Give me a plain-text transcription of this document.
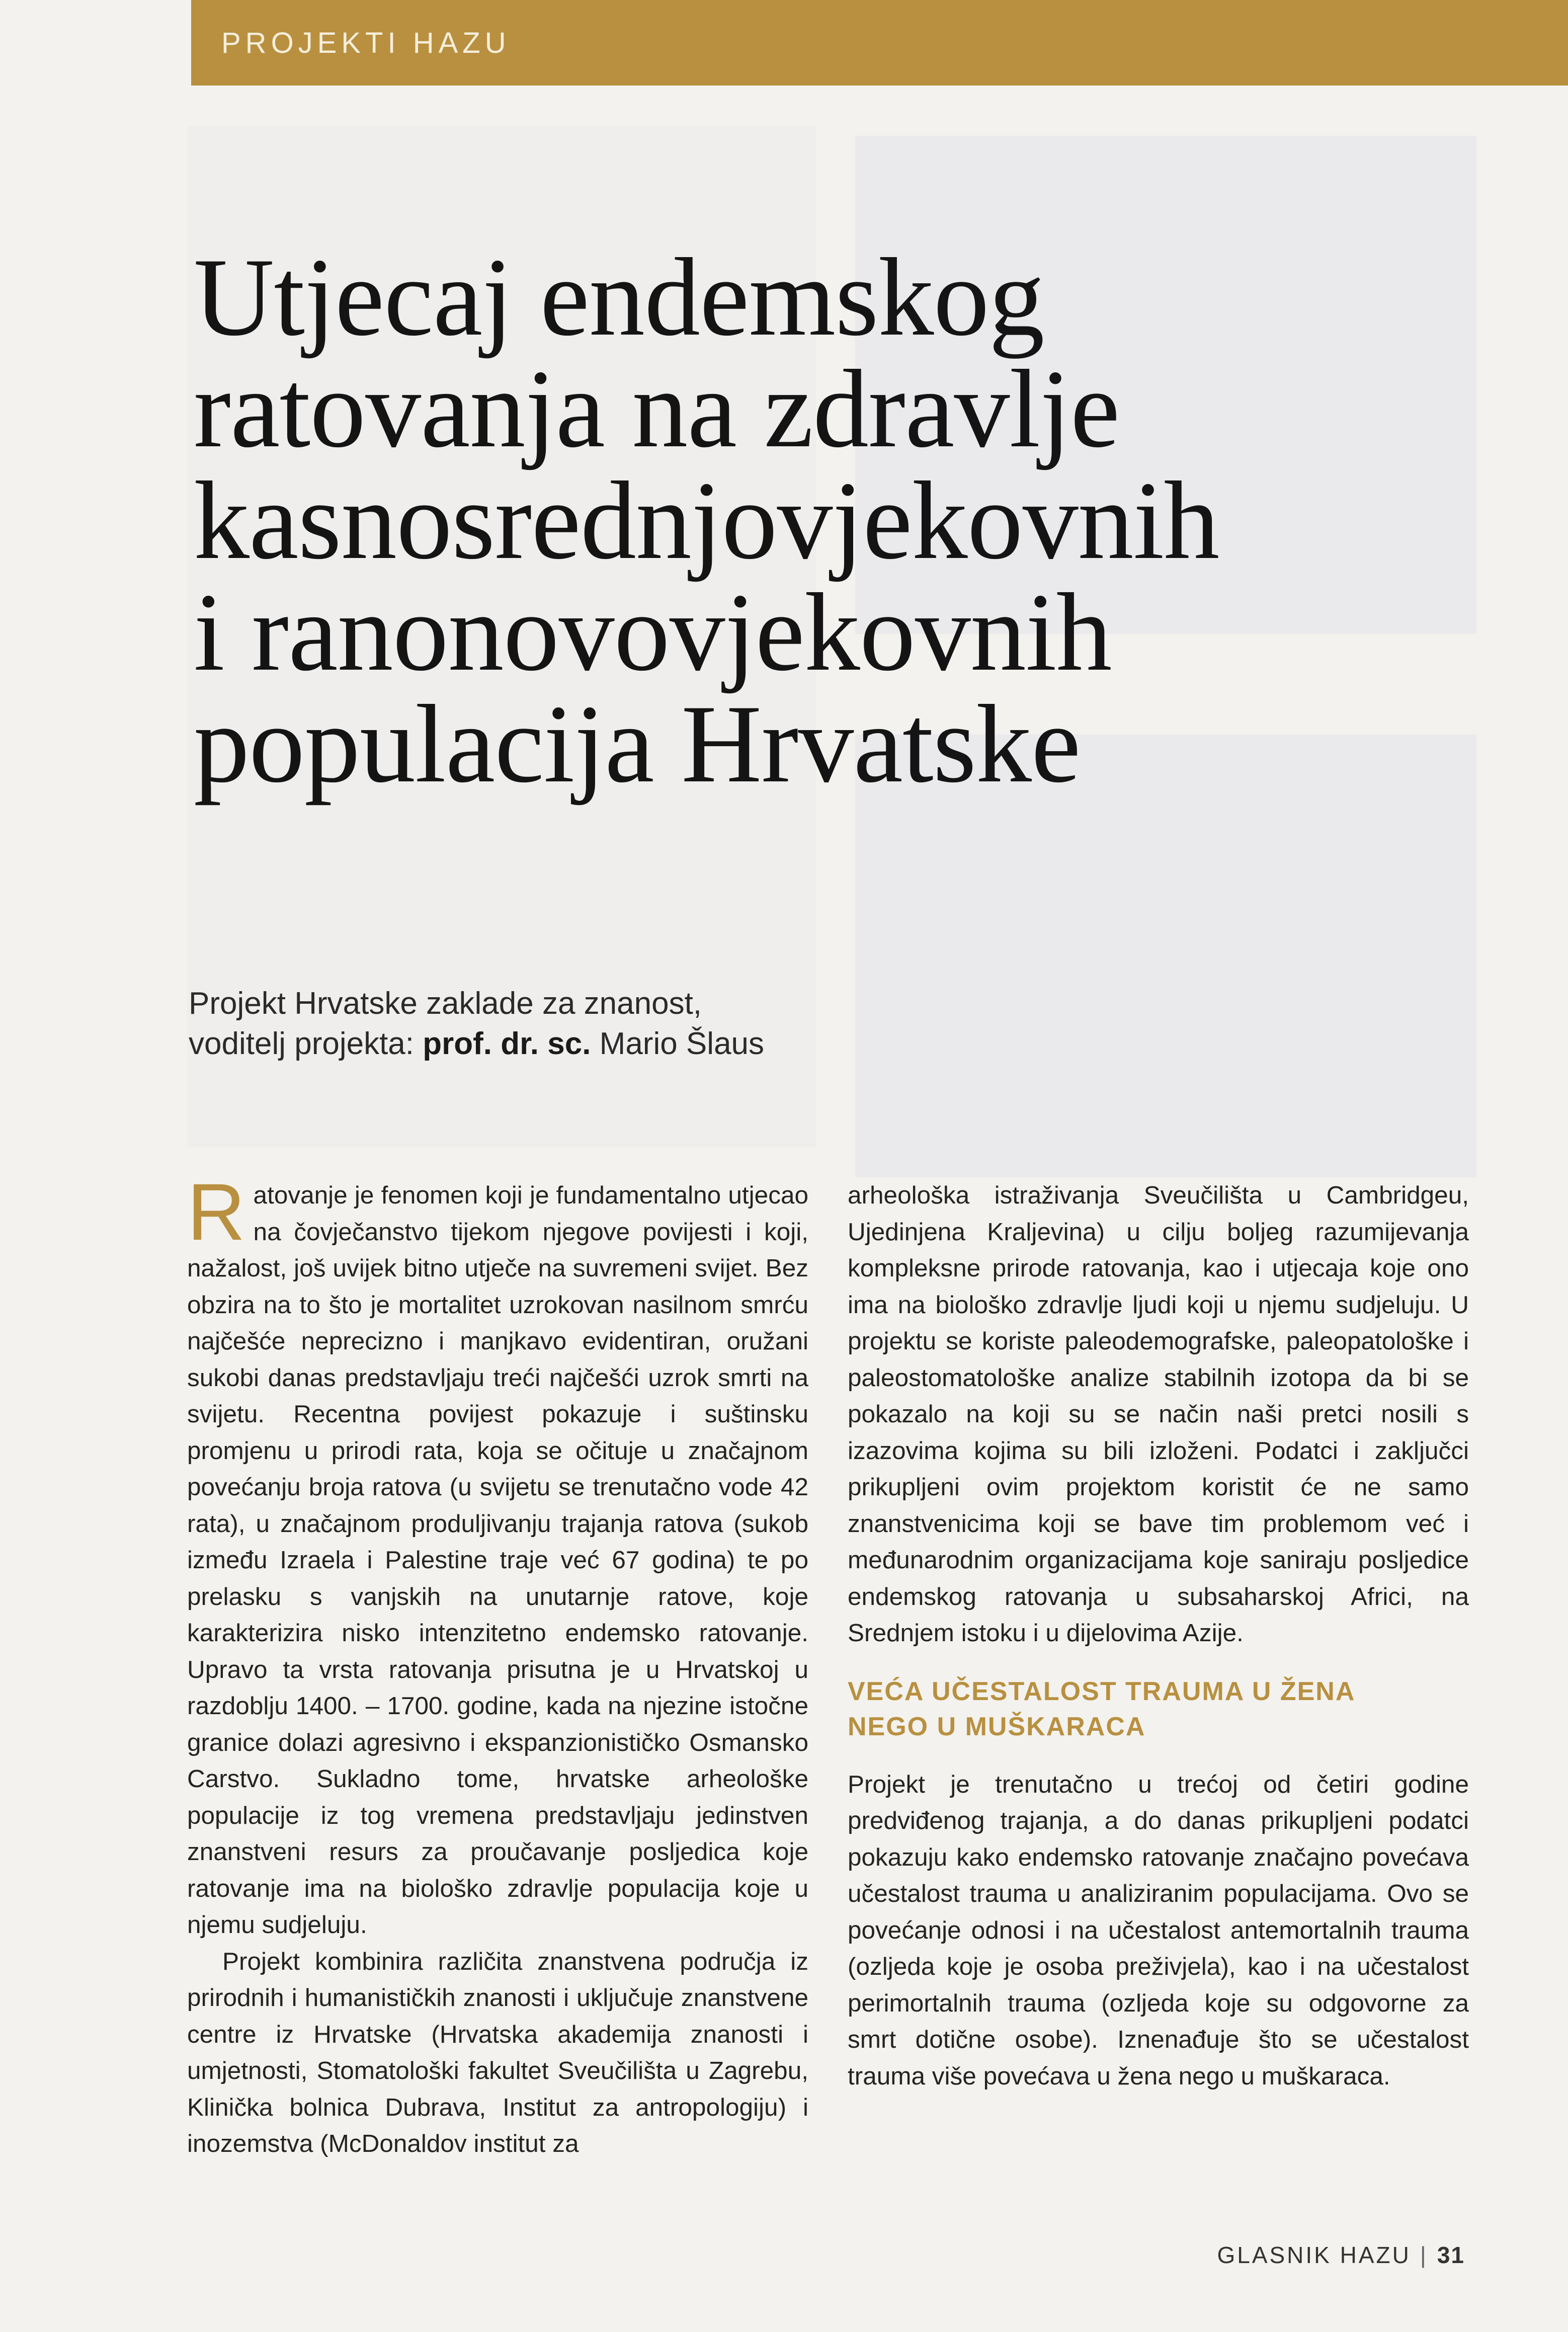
PROJEKTI HAZU
Utjecaj endemskog
ratovanja na zdravlje
kasnosrednjovjekovnih
i ranonovovjekovnih
populacija Hrvatske
Projekt Hrvatske zaklade za znanost,
voditelj projekta: prof. dr. sc. Mario Šlaus

Ratovanje je fenomen koji je fundamentalno utjecao na čovječanstvo tijekom njegove povijesti i koji, nažalost, još uvijek bitno utječe na suvremeni svijet. Bez obzira na to što je mortalitet uzrokovan nasilnom smrću najčešće neprecizno i manjkavo evidentiran, oružani sukobi danas predstavljaju treći najčešći uzrok smrti na svijetu. Recentna povijest pokazuje i suštinsku promjenu u prirodi rata, koja se očituje u značajnom povećanju broja ratova (u svijetu se trenutačno vode 42 rata), u značajnom produljivanju trajanja ratova (sukob između Izraela i Palestine traje već 67 godina) te po prelasku s vanjskih na unutarnje ratove, koje karakterizira nisko intenzitetno endemsko ratovanje. Upravo ta vrsta ratovanja prisutna je u Hrvatskoj u razdoblju 1400. – 1700. godine, kada na njezine istočne granice dolazi agresivno i ekspanzionističko Osmansko Carstvo. Sukladno tome, hrvatske arheološke populacije iz tog vremena predstavljaju jedinstven znanstveni resurs za proučavanje posljedica koje ratovanje ima na biološko zdravlje populacija koje u njemu sudjeluju.

Projekt kombinira različita znanstvena područja iz prirodnih i humanističkih znanosti i uključuje znanstvene centre iz Hrvatske (Hrvatska akademija znanosti i umjetnosti, Stomatološki fakultet Sveučilišta u Zagrebu, Klinička bolnica Dubrava, Institut za antropologiju) i inozemstva (McDonaldov institut za

arheološka istraživanja Sveučilišta u Cambridgeu, Ujedinjena Kraljevina) u cilju boljeg razumijevanja kompleksne prirode ratovanja, kao i utjecaja koje ono ima na biološko zdravlje ljudi koji u njemu sudjeluju. U projektu se koriste paleodemografske, paleopatološke i paleostomatološke analize stabilnih izotopa da bi se pokazalo na koji su se način naši pretci nosili s izazovima kojima su bili izloženi. Podatci i zaključci prikupljeni ovim projektom koristit će ne samo znanstvenicima koji se bave tim problemom već i međunarodnim organizacijama koje saniraju posljedice endemskog ratovanja u subsaharskoj Africi, na Srednjem istoku i u dijelovima Azije.

VEĆA UČESTALOST TRAUMA U ŽENA
NEGO U MUŠKARACA

Projekt je trenutačno u trećoj od četiri godine predviđenog trajanja, a do danas prikupljeni podatci pokazuju kako endemsko ratovanje značajno povećava učestalost trauma u analiziranim populacijama. Ovo se povećanje odnosi i na učestalost antemortalnih trauma (ozljeda koje je osoba preživjela), kao i na učestalost perimortalnih trauma (ozljeda koje su odgovorne za smrt dotične osobe). Iznenađuje što se učestalost trauma više povećava u žena nego u muškaraca.

GLASNIK HAZU | 31
